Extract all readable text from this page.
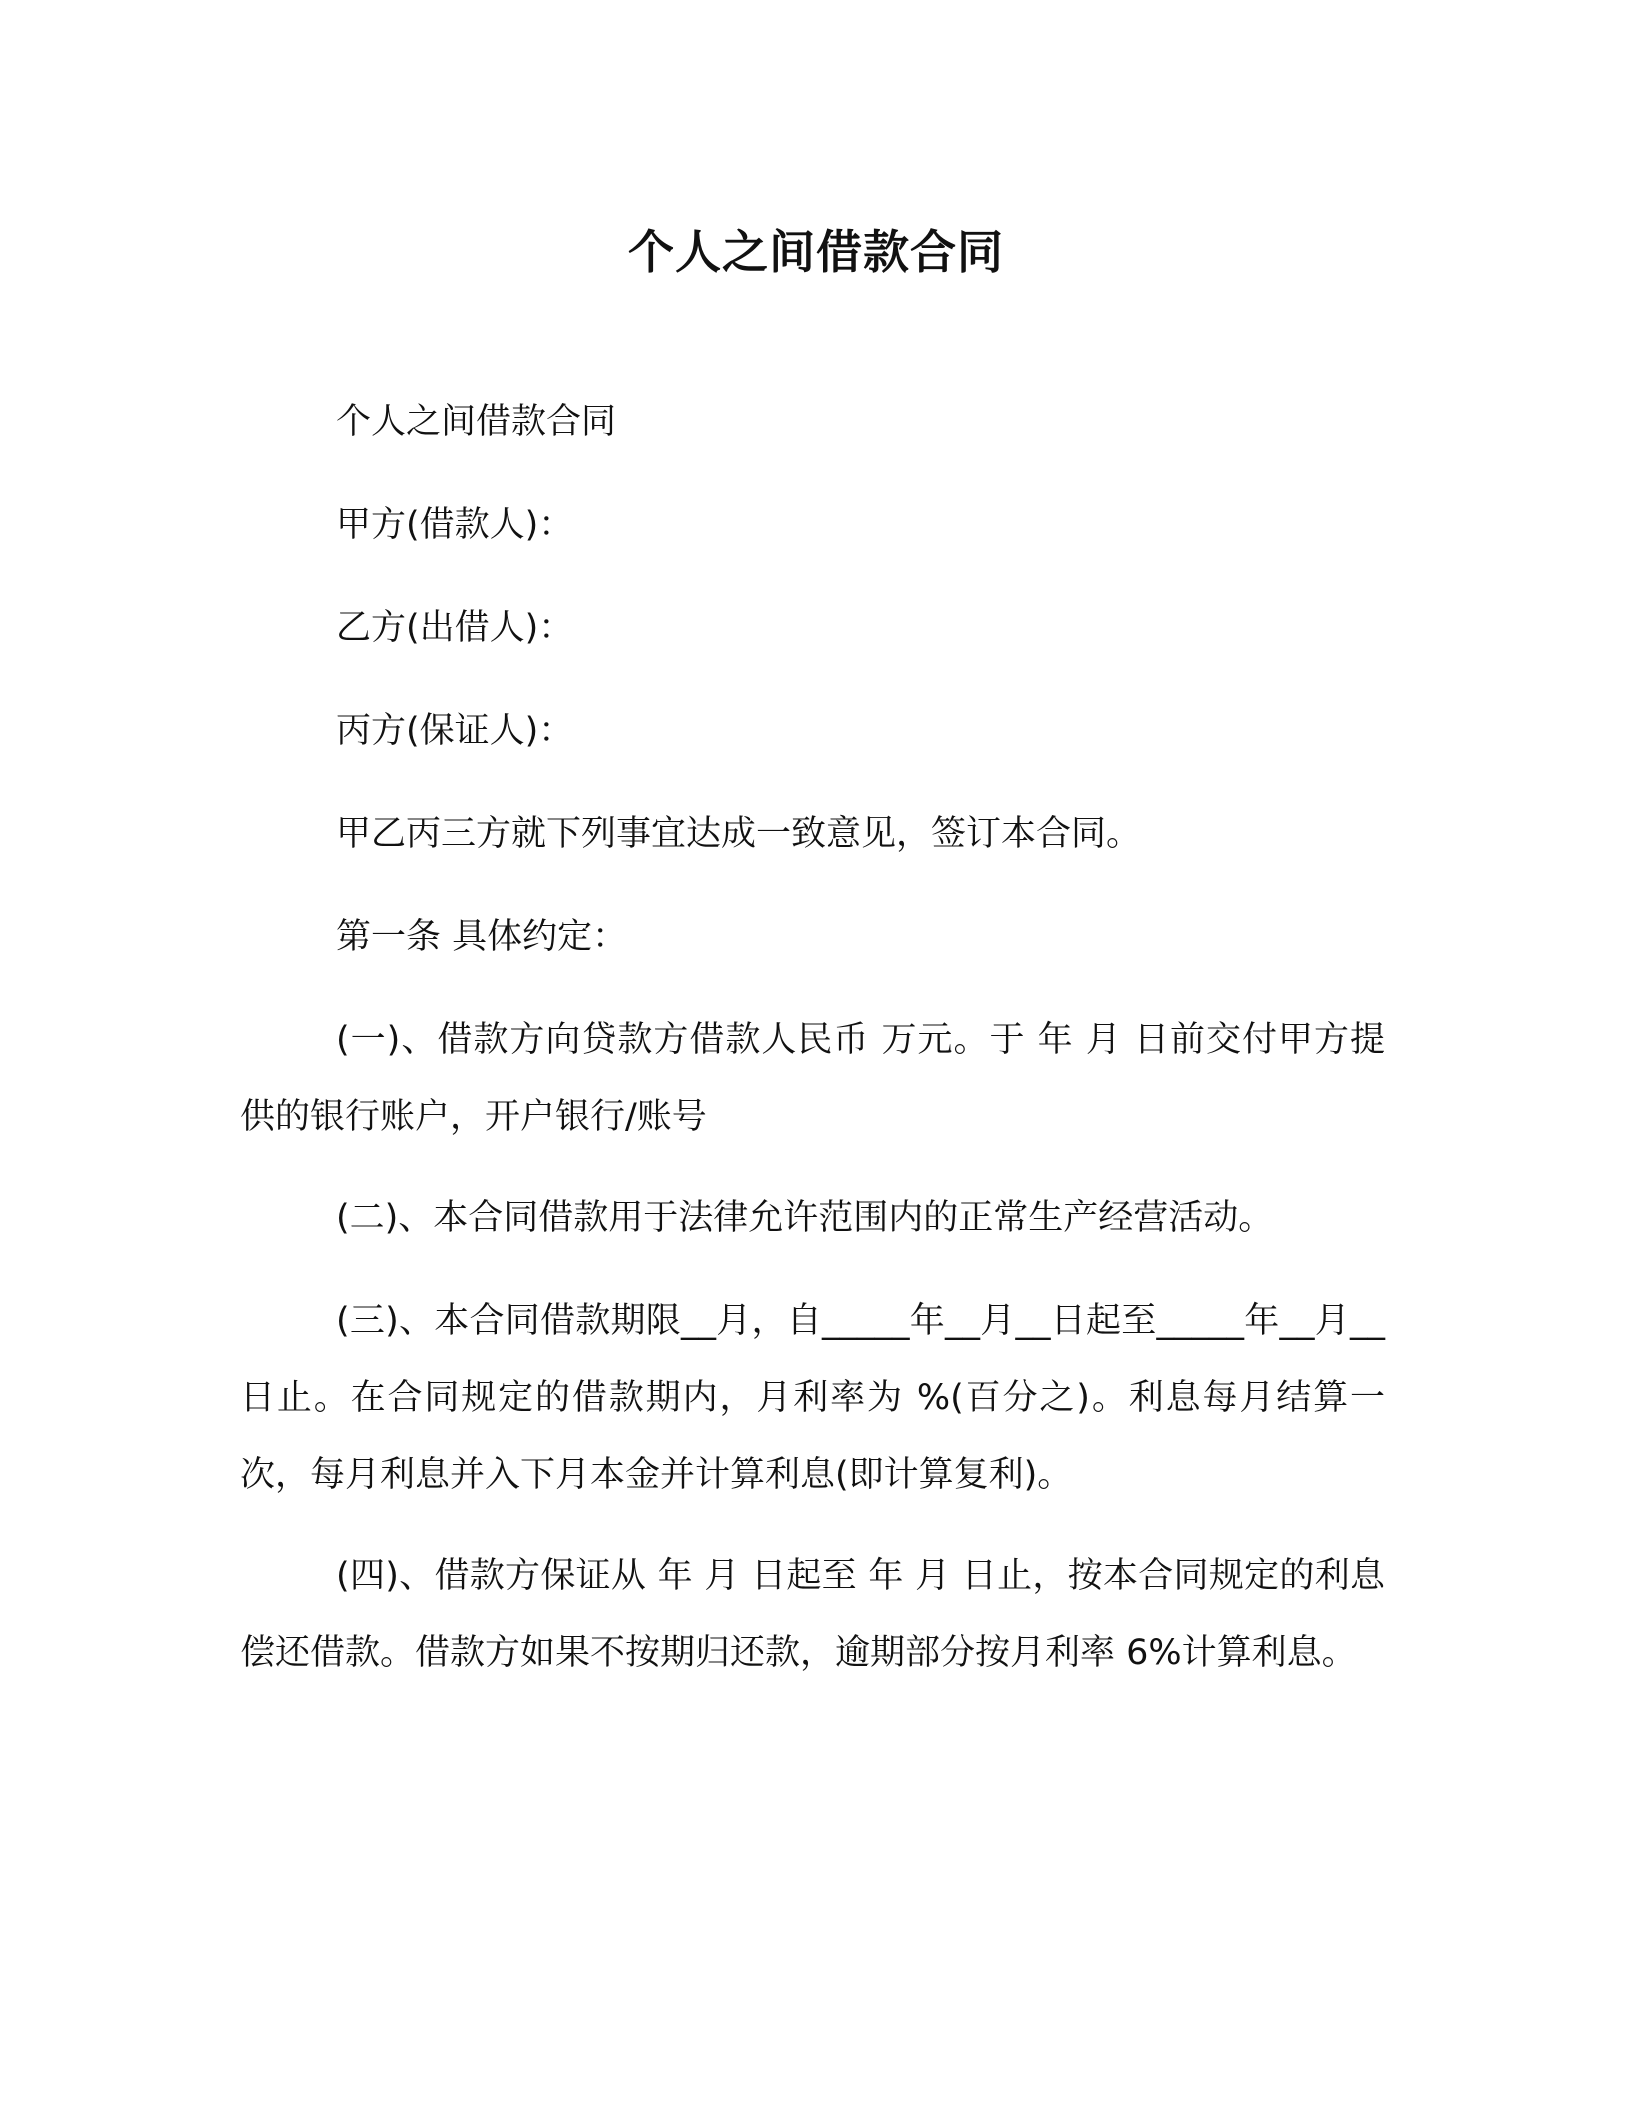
个人之间借款合同

个人之间借款合同

甲方(借款人)：

乙方(出借人)：

丙方(保证人)：

甲乙丙三方就下列事宜达成一致意见，签订本合同。

第一条 具体约定：

(一)、借款方向贷款方借款人民币 万元。于 年 月 日前交付甲方提供的银行账户，开户银行/账号

(二)、本合同借款用于法律允许范围内的正常生产经营活动。

(三)、本合同借款期限__月，自_____年__月__日起至_____年__月__日止。在合同规定的借款期内，月利率为 %(百分之)。利息每月结算一次，每月利息并入下月本金并计算利息(即计算复利)。

(四)、借款方保证从 年 月 日起至 年 月 日止，按本合同规定的利息偿还借款。借款方如果不按期归还款，逾期部分按月利率 6%计算利息。
